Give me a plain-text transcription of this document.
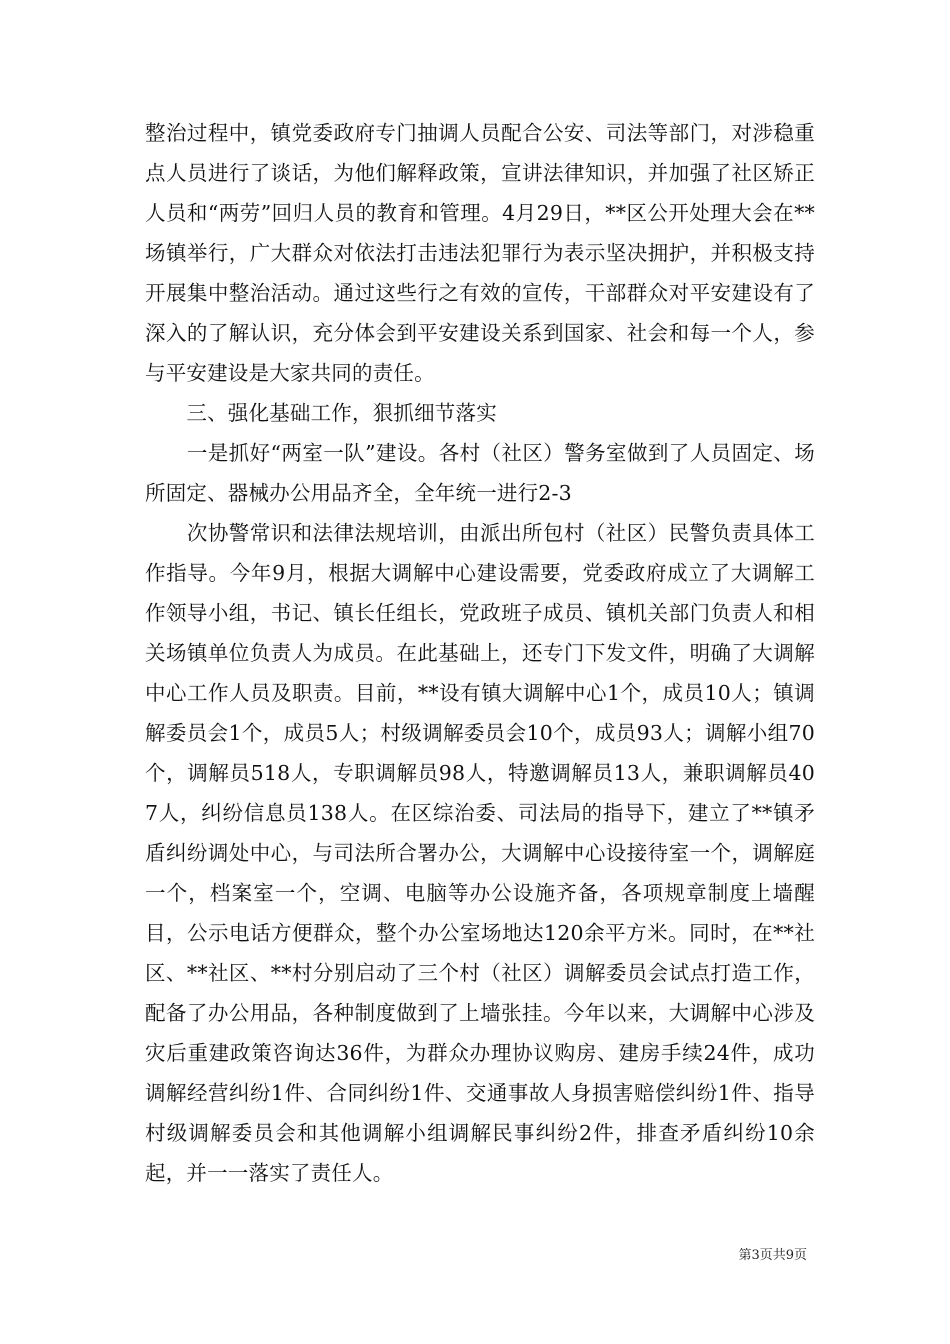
整治过程中，镇党委政府专门抽调人员配合公安、司法等部门，对涉稳重点人员进行了谈话，为他们解释政策，宣讲法律知识，并加强了社区矫正人员和“两劳”回归人员的教育和管理。4月29日，**区公开处理大会在**场镇举行，广大群众对依法打击违法犯罪行为表示坚决拥护，并积极支持开展集中整治活动。通过这些行之有效的宣传，干部群众对平安建设有了深入的了解认识，充分体会到平安建设关系到国家、社会和每一个人，参与平安建设是大家共同的责任。

　　三、强化基础工作，狠抓细节落实

　　一是抓好“两室一队”建设。各村（社区）警务室做到了人员固定、场所固定、器械办公用品齐全，全年统一进行2-3

　　次协警常识和法律法规培训，由派出所包村（社区）民警负责具体工作指导。今年9月，根据大调解中心建设需要，党委政府成立了大调解工作领导小组，书记、镇长任组长，党政班子成员、镇机关部门负责人和相关场镇单位负责人为成员。在此基础上，还专门下发文件，明确了大调解中心工作人员及职责。目前，**设有镇大调解中心1个，成员10人；镇调解委员会1个，成员5人；村级调解委员会10个，成员93人；调解小组70个，调解员518人，专职调解员98人，特邀调解员13人，兼职调解员407人，纠纷信息员138人。在区综治委、司法局的指导下，建立了**镇矛盾纠纷调处中心，与司法所合署办公，大调解中心设接待室一个，调解庭一个，档案室一个，空调、电脑等办公设施齐备，各项规章制度上墙醒目，公示电话方便群众，整个办公室场地达120余平方米。同时，在**社区、**社区、**村分别启动了三个村（社区）调解委员会试点打造工作，配备了办公用品，各种制度做到了上墙张挂。今年以来，大调解中心涉及灾后重建政策咨询达36件，为群众办理协议购房、建房手续24件，成功调解经营纠纷1件、合同纠纷1件、交通事故人身损害赔偿纠纷1件、指导村级调解委员会和其他调解小组调解民事纠纷2件，排查矛盾纠纷10余起，并一一落实了责任人。

第3页共9页
